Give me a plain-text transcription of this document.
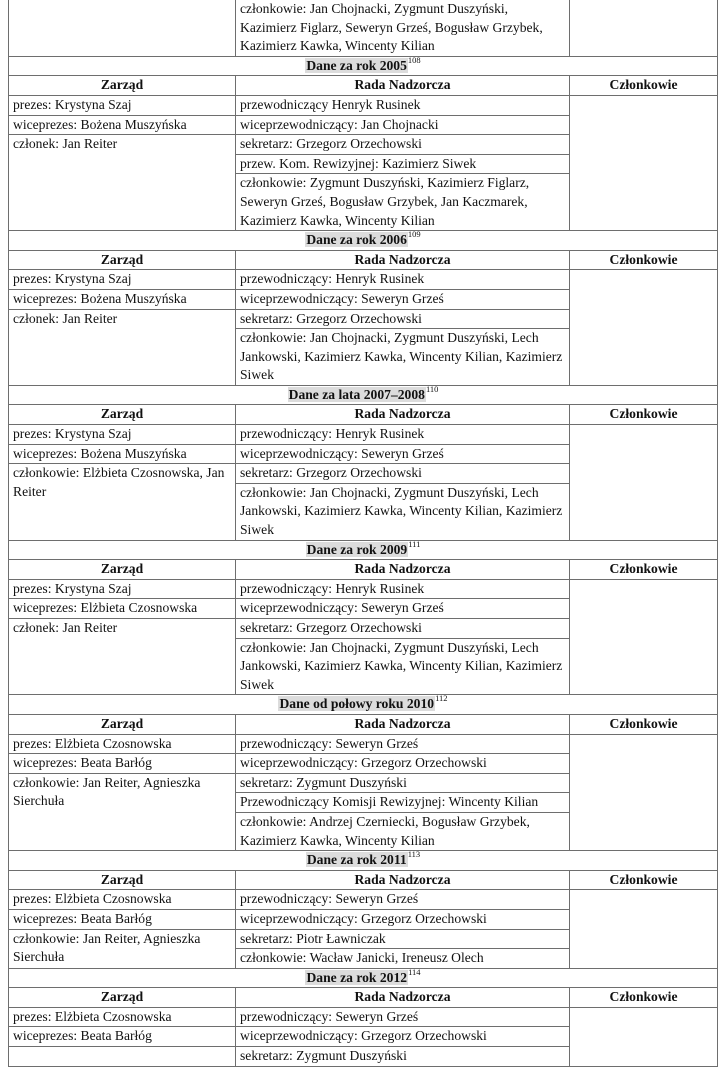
	członkowie: Jan Chojnacki, Zygmunt Duszyński, Kazimierz Figlarz, Seweryn Grześ, Bogusław Grzybek, Kazimierz Kawka, Wincenty Kilian	
Dane za rok 2005$^{108}$
Zarząd	Rada Nadzorcza	Członkowie
prezes: Krystyna Szaj	przewodniczący Henryk Rusinek	
wiceprezes: Bożena Muszyńska	wiceprzewodniczący: Jan Chojnacki	
członek: Jan Reiter	sekretarz: Grzegorz Orzechowski	
	przew. Kom. Rewizyjnej: Kazimierz Siwek	
	członkowie: Zygmunt Duszyński, Kazimierz Figlarz, Seweryn Grześ, Bogusław Grzybek, Jan Kaczmarek, Kazimierz Kawka, Wincenty Kilian	
Dane za rok 2006$^{109}$
Zarząd	Rada Nadzorcza	Członkowie
prezes: Krystyna Szaj	przewodniczący: Henryk Rusinek	
wiceprezes: Bożena Muszyńska	wiceprzewodniczący: Seweryn Grześ	
członek: Jan Reiter	sekretarz: Grzegorz Orzechowski	
	członkowie: Jan Chojnacki, Zygmunt Duszyński, Lech Jankowski, Kazimierz Kawka, Wincenty Kilian, Kazimierz Siwek	
Dane za lata 2007–2008$^{110}$
Zarząd	Rada Nadzorcza	Członkowie
prezes: Krystyna Szaj	przewodniczący: Henryk Rusinek	
wiceprezes: Bożena Muszyńska	wiceprzewodniczący: Seweryn Grześ	
członkowie: Elżbieta Czosnowska, Jan Reiter	sekretarz: Grzegorz Orzechowski	
	członkowie: Jan Chojnacki, Zygmunt Duszyński, Lech Jankowski, Kazimierz Kawka, Wincenty Kilian, Kazimierz Siwek	
Dane za rok 2009$^{111}$
Zarząd	Rada Nadzorcza	Członkowie
prezes: Krystyna Szaj	przewodniczący: Henryk Rusinek	
wiceprezes: Elżbieta Czosnowska	wiceprzewodniczący: Seweryn Grześ	
członek: Jan Reiter	sekretarz: Grzegorz Orzechowski	
	członkowie: Jan Chojnacki, Zygmunt Duszyński, Lech Jankowski, Kazimierz Kawka, Wincenty Kilian, Kazimierz Siwek	
Dane od połowy roku 2010$^{112}$
Zarząd	Rada Nadzorcza	Członkowie
prezes: Elżbieta Czosnowska	przewodniczący: Seweryn Grześ	
wiceprezes: Beata Barłóg	wiceprzewodniczący: Grzegorz Orzechowski	
członkowie: Jan Reiter, Agnieszka Sierchuła	sekretarz: Zygmunt Duszyński	
	Przewodniczący Komisji Rewizyjnej: Wincenty Kilian	
	członkowie: Andrzej Czerniecki, Bogusław Grzybek, Kazimierz Kawka, Wincenty Kilian	
Dane za rok 2011$^{113}$
Zarząd	Rada Nadzorcza	Członkowie
prezes: Elżbieta Czosnowska	przewodniczący: Seweryn Grześ	
wiceprezes: Beata Barłóg	wiceprzewodniczący: Grzegorz Orzechowski	
członkowie: Jan Reiter, Agnieszka Sierchuła	sekretarz: Piotr Ławniczak	
	członkowie: Wacław Janicki, Ireneusz Olech	
Dane za rok 2012$^{114}$
Zarząd	Rada Nadzorcza	Członkowie
prezes: Elżbieta Czosnowska	przewodniczący: Seweryn Grześ	
wiceprezes: Beata Barłóg	wiceprzewodniczący: Grzegorz Orzechowski	
	sekretarz: Zygmunt Duszyński	
